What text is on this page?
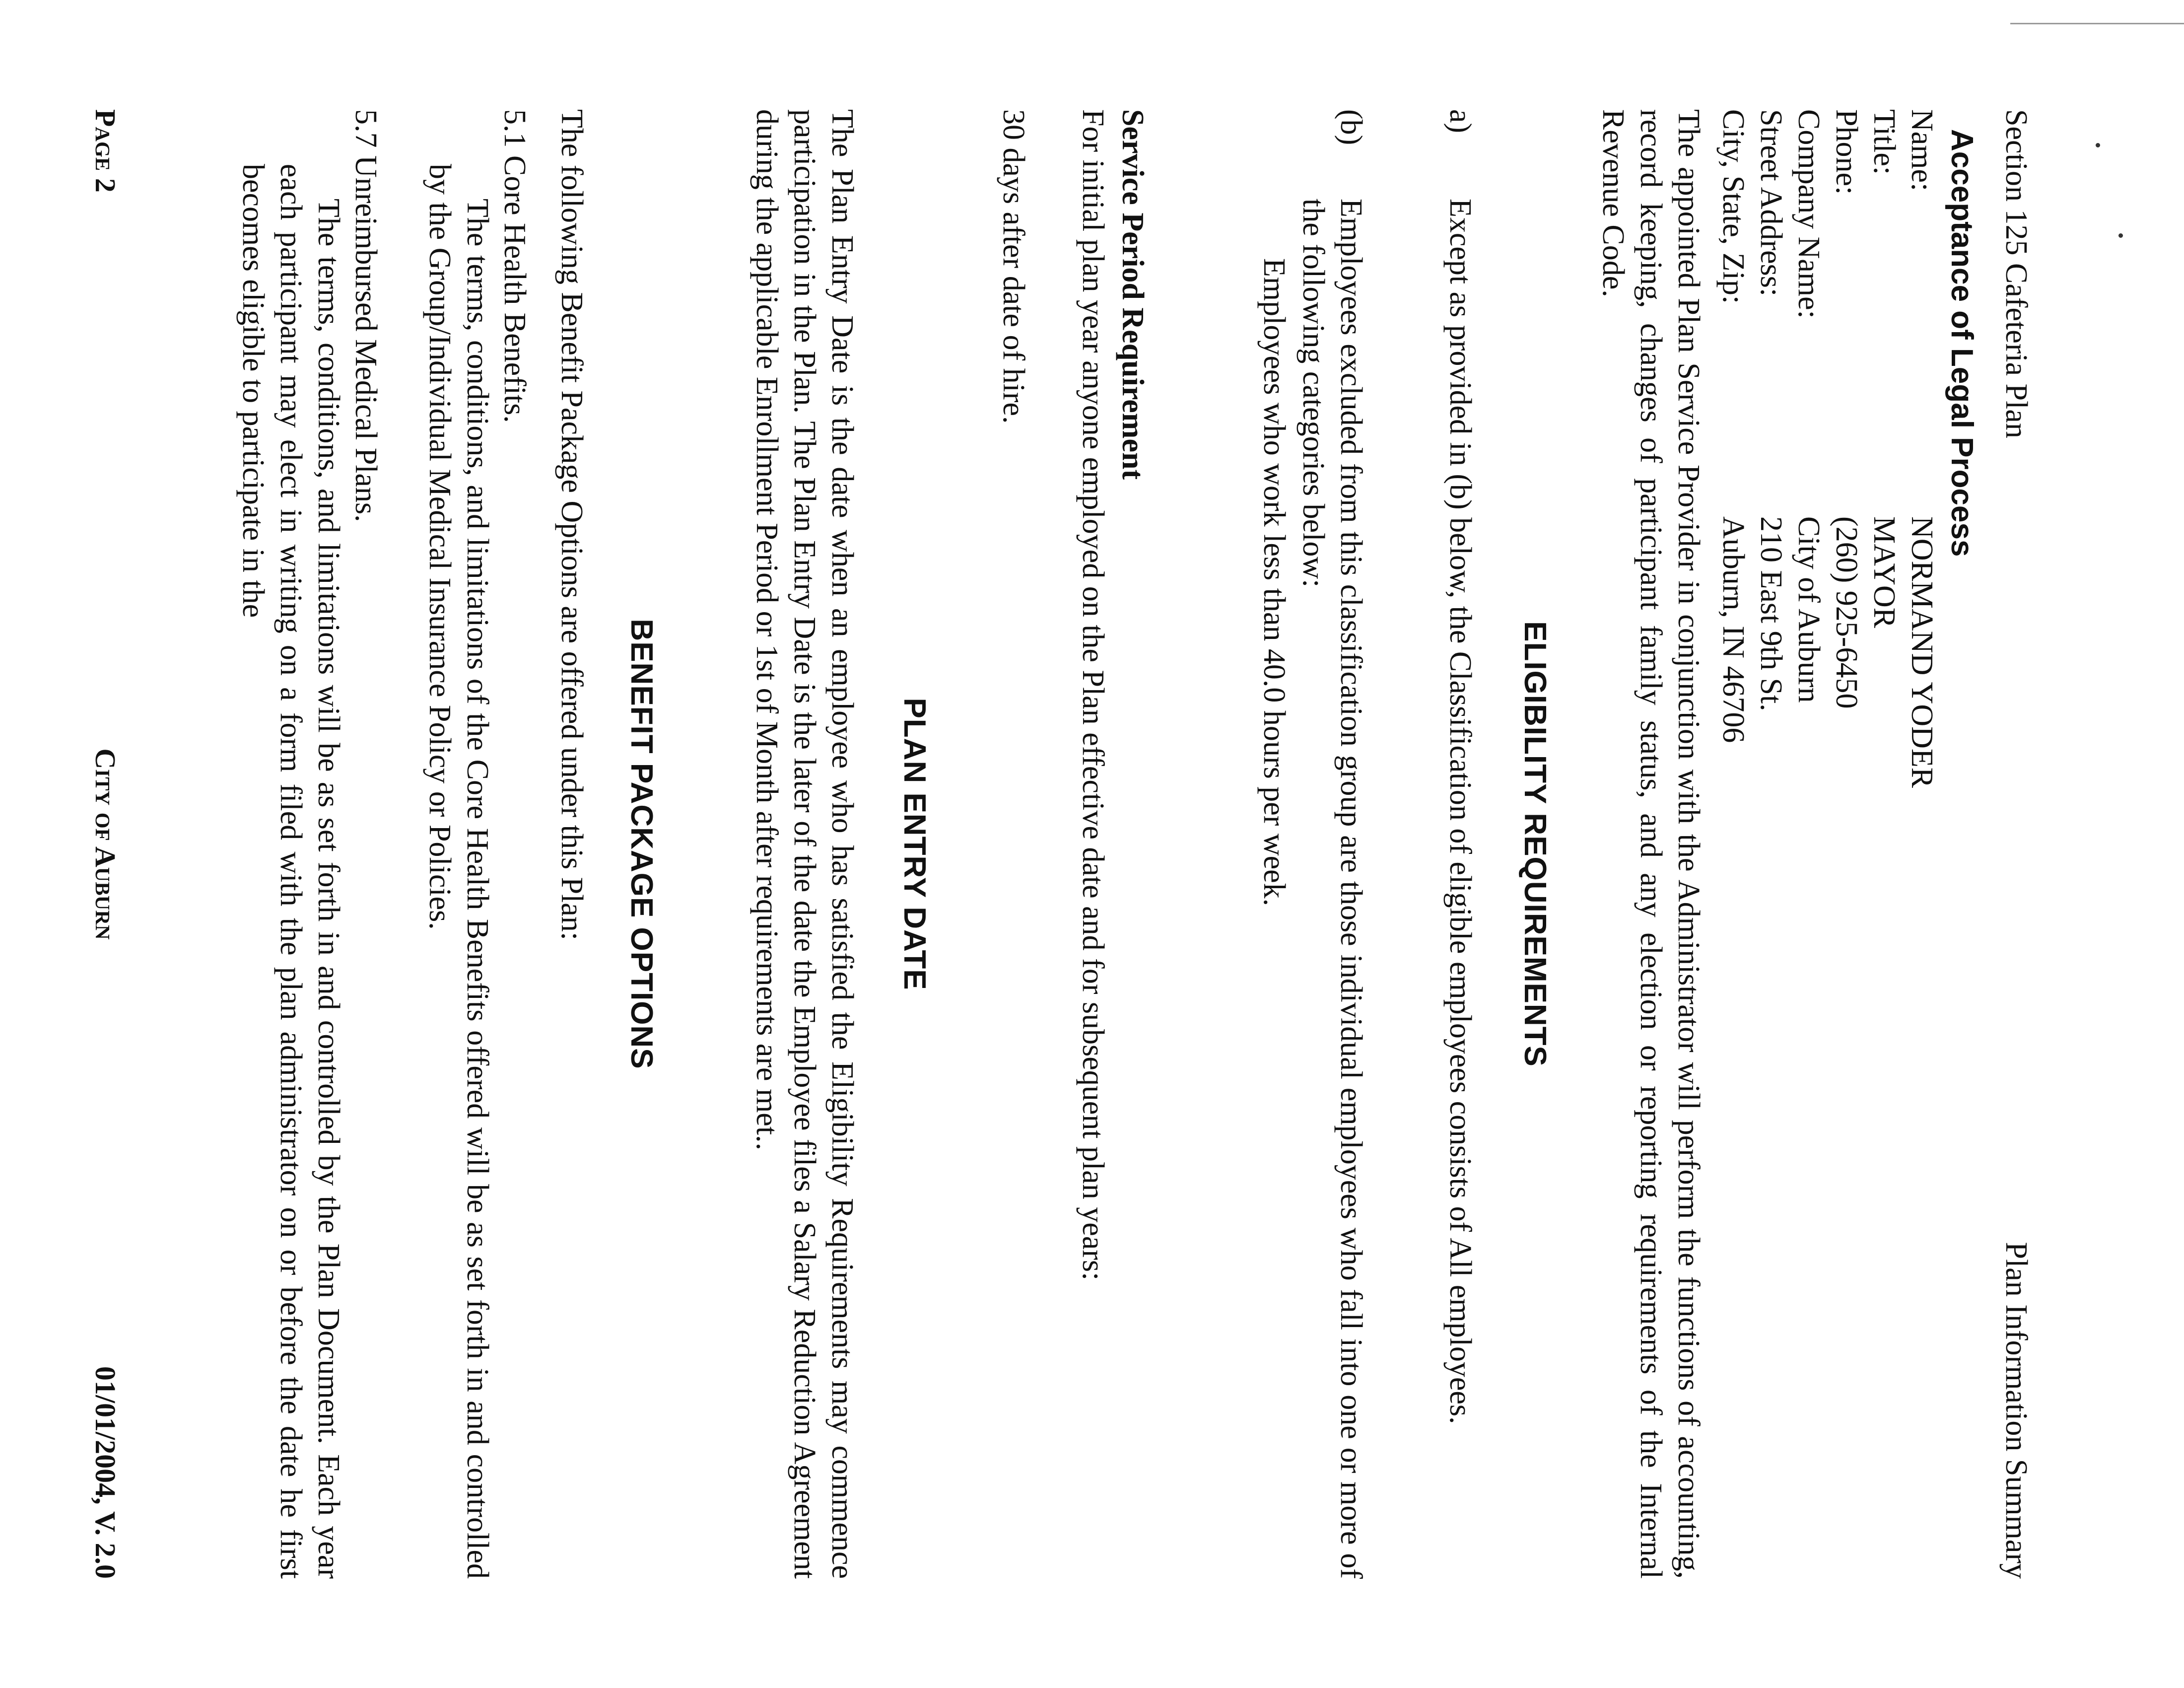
Section 125 Cafeteria Plan
Plan Information Summary
Acceptance of Legal Process
Name:
Title:
Phone:
Company Name:
Street Address:
City, State, Zip:
NORMAND YODER
MAYOR
(260) 925-6450
City of Auburn
210 East 9th St.
Auburn, IN 46706
The appointed Plan Service Provider in conjunction with the Administrator will perform the functions of accounting, record keeping, changes of participant family status, and any election or reporting requirements of the Internal Revenue Code.
ELIGIBILITY REQUIREMENTS
a)
Except as provided in (b) below, the Classification of eligible employees consists of All employees.
(b)
Employees excluded from this classification group are those individual employees who fall into one or more of the following categories below:
Employees who work less than 40.0 hours per week.
Service Period Requirement
For initial plan year anyone employed on the Plan effective date and for subsequent plan years:
30 days after date of hire.
PLAN ENTRY DATE
The Plan Entry Date is the date when an employee who has satisfied the Eligibility Requirements may commence participation in the Plan. The Plan Entry Date is the later of the date the Employee files a Salary Reduction Agreement during the applicable Enrollment Period or 1st of Month after requirements are met..
BENEFIT PACKAGE OPTIONS
The following Benefit Package Options are offered under this Plan:
5.1 Core Health Benefits.
The terms, conditions, and limitations of the Core Health Benefits offered will be as set forth in and controlled by the Group/Individual Medical Insurance Policy or Policies.
5.7 Unreimbursed Medical Plans.
The terms, conditions, and limitations will be as set forth in and controlled by the Plan Document. Each year each participant may elect in writing on a form filed with the plan administrator on or before the date he first becomes eligible to participate in the
Page 2
City of Auburn
01/01/2004, V. 2.0
